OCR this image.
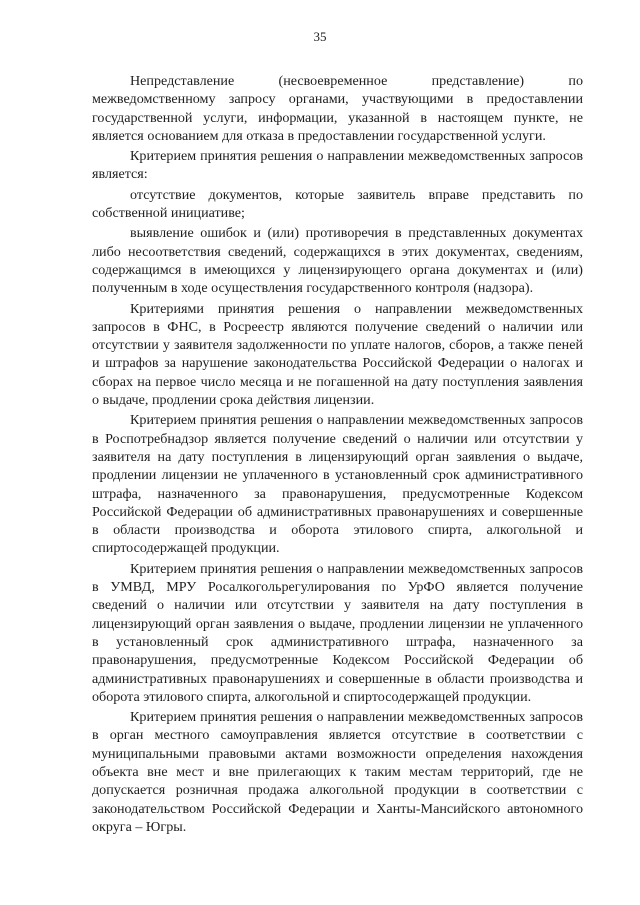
35

Непредставление (несвоевременное представление) по межведомственному запросу органами, участвующими в предоставлении государственной услуги, информации, указанной в настоящем пункте, не является основанием для отказа в предоставлении государственной услуги.

Критерием принятия решения о направлении межведомственных запросов является:

отсутствие документов, которые заявитель вправе представить по собственной инициативе;

выявление ошибок и (или) противоречия в представленных документах либо несоответствия сведений, содержащихся в этих документах, сведениям, содержащимся в имеющихся у лицензирующего органа документах и (или) полученным в ходе осуществления государственного контроля (надзора).

Критериями принятия решения о направлении межведомственных запросов в ФНС, в Росреестр являются получение сведений о наличии или отсутствии у заявителя задолженности по уплате налогов, сборов, а также пеней и штрафов за нарушение законодательства Российской Федерации о налогах и сборах на первое число месяца и не погашенной на дату поступления заявления о выдаче, продлении срока действия лицензии.

Критерием принятия решения о направлении межведомственных запросов в Роспотребнадзор является получение сведений о наличии или отсутствии у заявителя на дату поступления в лицензирующий орган заявления о выдаче, продлении лицензии не уплаченного в установленный срок административного штрафа, назначенного за правонарушения, предусмотренные Кодексом Российской Федерации об административных правонарушениях и совершенные в области производства и оборота этилового спирта, алкогольной и спиртосодержащей продукции.

Критерием принятия решения о направлении межведомственных запросов в УМВД, МРУ Росалкогольрегулирования по УрФО является получение сведений о наличии или отсутствии у заявителя на дату поступления в лицензирующий орган заявления о выдаче, продлении лицензии не уплаченного в установленный срок административного штрафа, назначенного за правонарушения, предусмотренные Кодексом Российской Федерации об административных правонарушениях и совершенные в области производства и оборота этилового спирта, алкогольной и спиртосодержащей продукции.

Критерием принятия решения о направлении межведомственных запросов в орган местного самоуправления является отсутствие в соответствии с муниципальными правовыми актами возможности определения нахождения объекта вне мест и вне прилегающих к таким местам территорий, где не допускается розничная продажа алкогольной продукции в соответствии с законодательством Российской Федерации и Ханты-Мансийского автономного округа – Югры.
